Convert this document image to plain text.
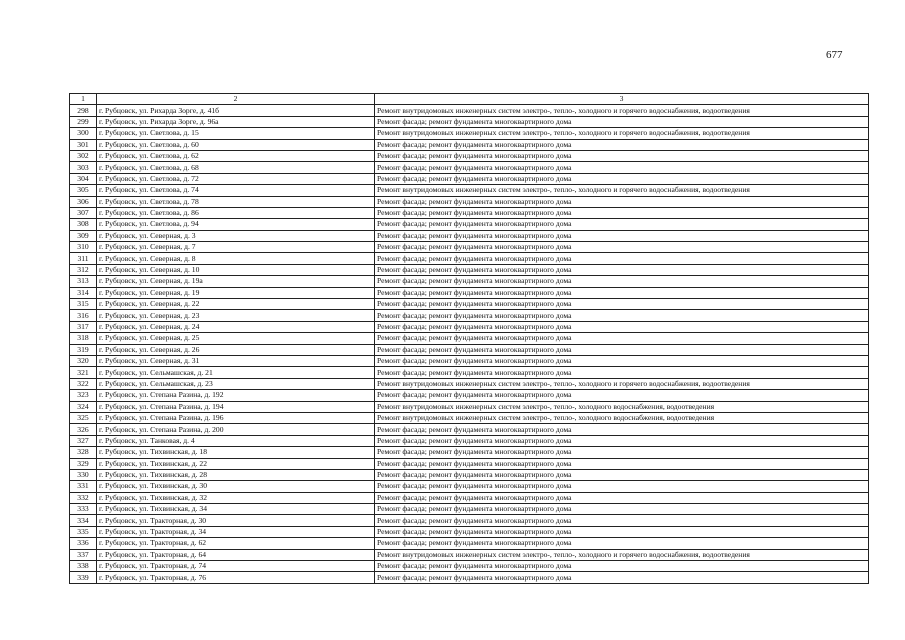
677
1	2	3
298	г. Рубцовск, ул. Рихарда Зорге, д. 41б	Ремонт внутридомовых инженерных систем электро-, тепло-, холодного и горячего водоснабжения, водоотведения
299	г. Рубцовск, ул. Рихарда Зорге, д. 96а	Ремонт фасада; ремонт фундамента многоквартирного дома
300	г. Рубцовск, ул. Светлова, д. 15	Ремонт внутридомовых инженерных систем электро-, тепло-, холодного и горячего водоснабжения, водоотведения
301	г. Рубцовск, ул. Светлова, д. 60	Ремонт фасада; ремонт фундамента многоквартирного дома
302	г. Рубцовск, ул. Светлова, д. 62	Ремонт фасада; ремонт фундамента многоквартирного дома
303	г. Рубцовск, ул. Светлова, д. 68	Ремонт фасада; ремонт фундамента многоквартирного дома
304	г. Рубцовск, ул. Светлова, д. 72	Ремонт фасада; ремонт фундамента многоквартирного дома
305	г. Рубцовск, ул. Светлова, д. 74	Ремонт внутридомовых инженерных систем электро-, тепло-, холодного и горячего водоснабжения, водоотведения
306	г. Рубцовск, ул. Светлова, д. 78	Ремонт фасада; ремонт фундамента многоквартирного дома
307	г. Рубцовск, ул. Светлова, д. 86	Ремонт фасада; ремонт фундамента многоквартирного дома
308	г. Рубцовск, ул. Светлова, д. 94	Ремонт фасада; ремонт фундамента многоквартирного дома
309	г. Рубцовск, ул. Северная, д. 3	Ремонт фасада; ремонт фундамента многоквартирного дома
310	г. Рубцовск, ул. Северная, д. 7	Ремонт фасада; ремонт фундамента многоквартирного дома
311	г. Рубцовск, ул. Северная, д. 8	Ремонт фасада; ремонт фундамента многоквартирного дома
312	г. Рубцовск, ул. Северная, д. 10	Ремонт фасада; ремонт фундамента многоквартирного дома
313	г. Рубцовск, ул. Северная, д. 19а	Ремонт фасада; ремонт фундамента многоквартирного дома
314	г. Рубцовск, ул. Северная, д. 19	Ремонт фасада; ремонт фундамента многоквартирного дома
315	г. Рубцовск, ул. Северная, д. 22	Ремонт фасада; ремонт фундамента многоквартирного дома
316	г. Рубцовск, ул. Северная, д. 23	Ремонт фасада; ремонт фундамента многоквартирного дома
317	г. Рубцовск, ул. Северная, д. 24	Ремонт фасада; ремонт фундамента многоквартирного дома
318	г. Рубцовск, ул. Северная, д. 25	Ремонт фасада; ремонт фундамента многоквартирного дома
319	г. Рубцовск, ул. Северная, д. 26	Ремонт фасада; ремонт фундамента многоквартирного дома
320	г. Рубцовск, ул. Северная, д. 31	Ремонт фасада; ремонт фундамента многоквартирного дома
321	г. Рубцовск, ул. Сельмашская, д. 21	Ремонт фасада; ремонт фундамента многоквартирного дома
322	г. Рубцовск, ул. Сельмашская, д. 23	Ремонт внутридомовых инженерных систем электро-, тепло-, холодного и горячего водоснабжения, водоотведения
323	г. Рубцовск, ул. Степана Разина, д. 192	Ремонт фасада; ремонт фундамента многоквартирного дома
324	г. Рубцовск, ул. Степана Разина, д. 194	Ремонт внутридомовых инженерных систем электро-, тепло-, холодного водоснабжения, водоотведения
325	г. Рубцовск, ул. Степана Разина, д. 196	Ремонт внутридомовых инженерных систем электро-, тепло-, холодного водоснабжения, водоотведения
326	г. Рубцовск, ул. Степана Разина, д. 200	Ремонт фасада; ремонт фундамента многоквартирного дома
327	г. Рубцовск, ул. Танковая, д. 4	Ремонт фасада; ремонт фундамента многоквартирного дома
328	г. Рубцовск, ул. Тихвинская, д. 18	Ремонт фасада; ремонт фундамента многоквартирного дома
329	г. Рубцовск, ул. Тихвинская, д. 22	Ремонт фасада; ремонт фундамента многоквартирного дома
330	г. Рубцовск, ул. Тихвинская, д. 28	Ремонт фасада; ремонт фундамента многоквартирного дома
331	г. Рубцовск, ул. Тихвинская, д. 30	Ремонт фасада; ремонт фундамента многоквартирного дома
332	г. Рубцовск, ул. Тихвинская, д. 32	Ремонт фасада; ремонт фундамента многоквартирного дома
333	г. Рубцовск, ул. Тихвинская, д. 34	Ремонт фасада; ремонт фундамента многоквартирного дома
334	г. Рубцовск, ул. Тракторная, д. 30	Ремонт фасада; ремонт фундамента многоквартирного дома
335	г. Рубцовск, ул. Тракторная, д. 34	Ремонт фасада; ремонт фундамента многоквартирного дома
336	г. Рубцовск, ул. Тракторная, д. 62	Ремонт фасада; ремонт фундамента многоквартирного дома
337	г. Рубцовск, ул. Тракторная, д. 64	Ремонт внутридомовых инженерных систем электро-, тепло-, холодного и горячего водоснабжения, водоотведения
338	г. Рубцовск, ул. Тракторная, д. 74	Ремонт фасада; ремонт фундамента многоквартирного дома
339	г. Рубцовск, ул. Тракторная, д. 76	Ремонт фасада; ремонт фундамента многоквартирного дома
